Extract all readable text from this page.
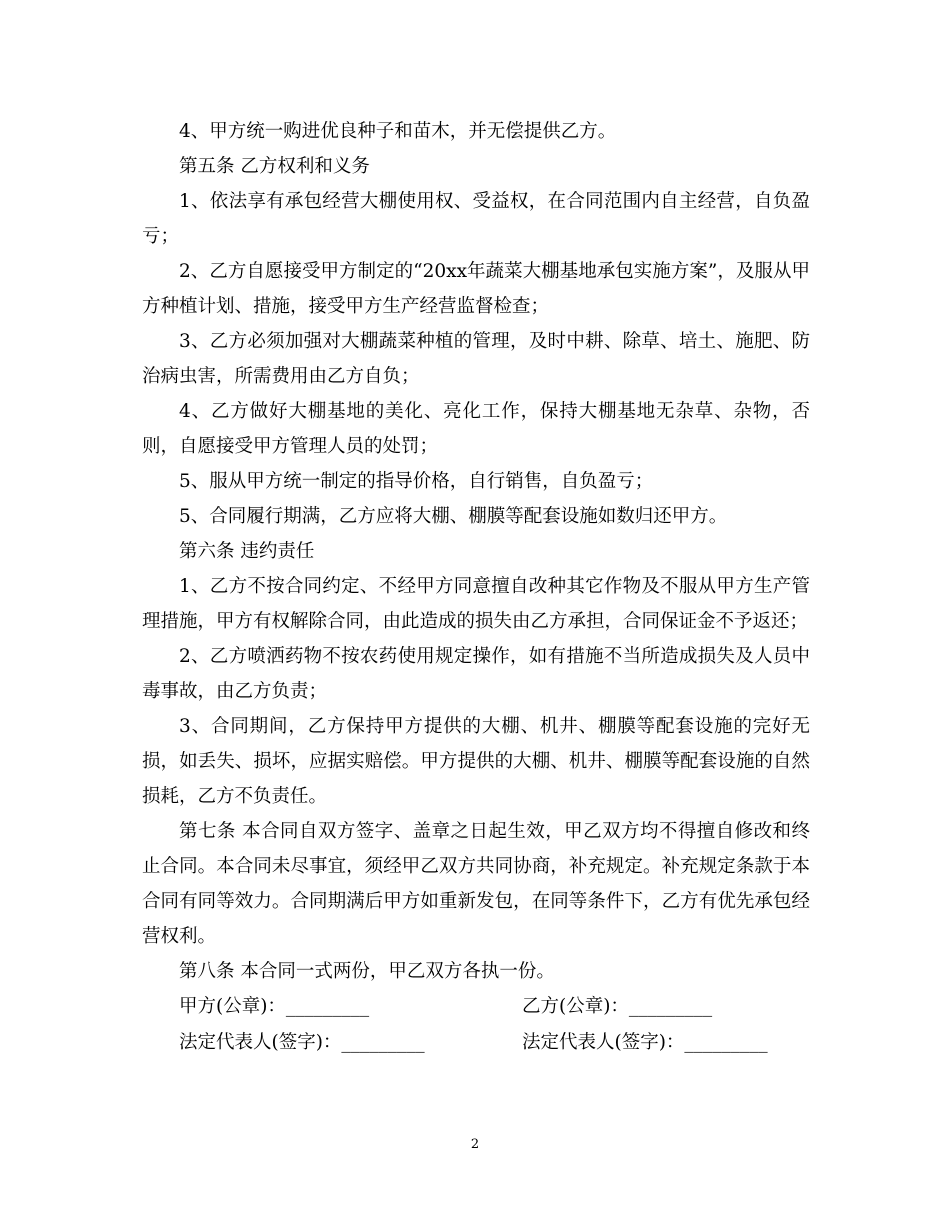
4、甲方统一购进优良种子和苗木，并无偿提供乙方。

第五条 乙方权利和义务

1、依法享有承包经营大棚使用权、受益权，在合同范围内自主经营，自负盈亏；

2、乙方自愿接受甲方制定的“20xx年蔬菜大棚基地承包实施方案”，及服从甲方种植计划、措施，接受甲方生产经营监督检查；

3、乙方必须加强对大棚蔬菜种植的管理，及时中耕、除草、培土、施肥、防治病虫害，所需费用由乙方自负；

4、乙方做好大棚基地的美化、亮化工作，保持大棚基地无杂草、杂物，否则，自愿接受甲方管理人员的处罚；

5、服从甲方统一制定的指导价格，自行销售，自负盈亏；

5、合同履行期满，乙方应将大棚、棚膜等配套设施如数归还甲方。

第六条 违约责任

1、乙方不按合同约定、不经甲方同意擅自改种其它作物及不服从甲方生产管理措施，甲方有权解除合同，由此造成的损失由乙方承担，合同保证金不予返还；

2、乙方喷洒药物不按农药使用规定操作，如有措施不当所造成损失及人员中毒事故，由乙方负责；

3、合同期间，乙方保持甲方提供的大棚、机井、棚膜等配套设施的完好无损，如丢失、损坏，应据实赔偿。甲方提供的大棚、机井、棚膜等配套设施的自然损耗，乙方不负责任。

第七条 本合同自双方签字、盖章之日起生效，甲乙双方均不得擅自修改和终止合同。本合同未尽事宜，须经甲乙双方共同协商，补充规定。补充规定条款于本合同有同等效力。合同期满后甲方如重新发包，在同等条件下，乙方有优先承包经营权利。

第八条 本合同一式两份，甲乙双方各执一份。

甲方(公章)：_________	乙方(公章)：_________
法定代表人(签字)：_________	法定代表人(签字)：_________
2
